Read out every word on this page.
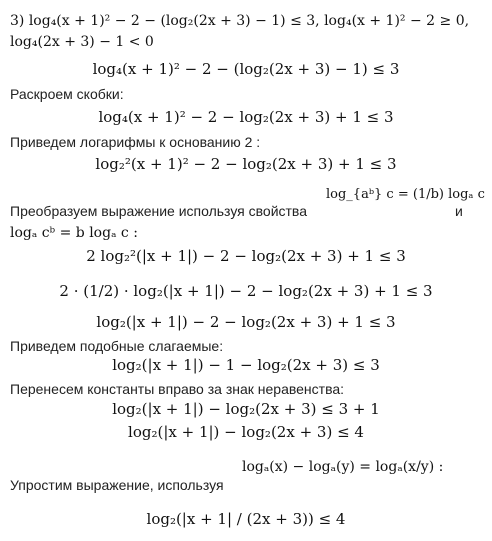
3) log₄(x + 1)² − 2 − (log₂(2x + 3) − 1) ≤ 3, log₄(x + 1)² − 2 ≥ 0,
log₄(2x + 3) − 1 < 0
log₄(x + 1)² − 2 − (log₂(2x + 3) − 1) ≤ 3
Раскроем скобки:
log₄(x + 1)² − 2 − log₂(2x + 3) + 1 ≤ 3
Приведем логарифмы к основанию 2 :
log₂²(x + 1)² − 2 − log₂(2x + 3) + 1 ≤ 3
log_{aᵇ} c = (1/b) logₐ c
Преобразуем выражение используя свойства	и
logₐ cᵇ = b logₐ c :
2 log₂²(|x + 1|) − 2 − log₂(2x + 3) + 1 ≤ 3
2 · (1/2) · log₂(|x + 1|) − 2 − log₂(2x + 3) + 1 ≤ 3
log₂(|x + 1|) − 2 − log₂(2x + 3) + 1 ≤ 3
Приведем подобные слагаемые:
log₂(|x + 1|) − 1 − log₂(2x + 3) ≤ 3
Перенесем константы вправо за знак неравенства:
log₂(|x + 1|) − log₂(2x + 3) ≤ 3 + 1
log₂(|x + 1|) − log₂(2x + 3) ≤ 4
logₐ(x) − logₐ(y) = logₐ(x/y) :
Упростим выражение, используя
log₂(|x + 1| / (2x + 3)) ≤ 4
